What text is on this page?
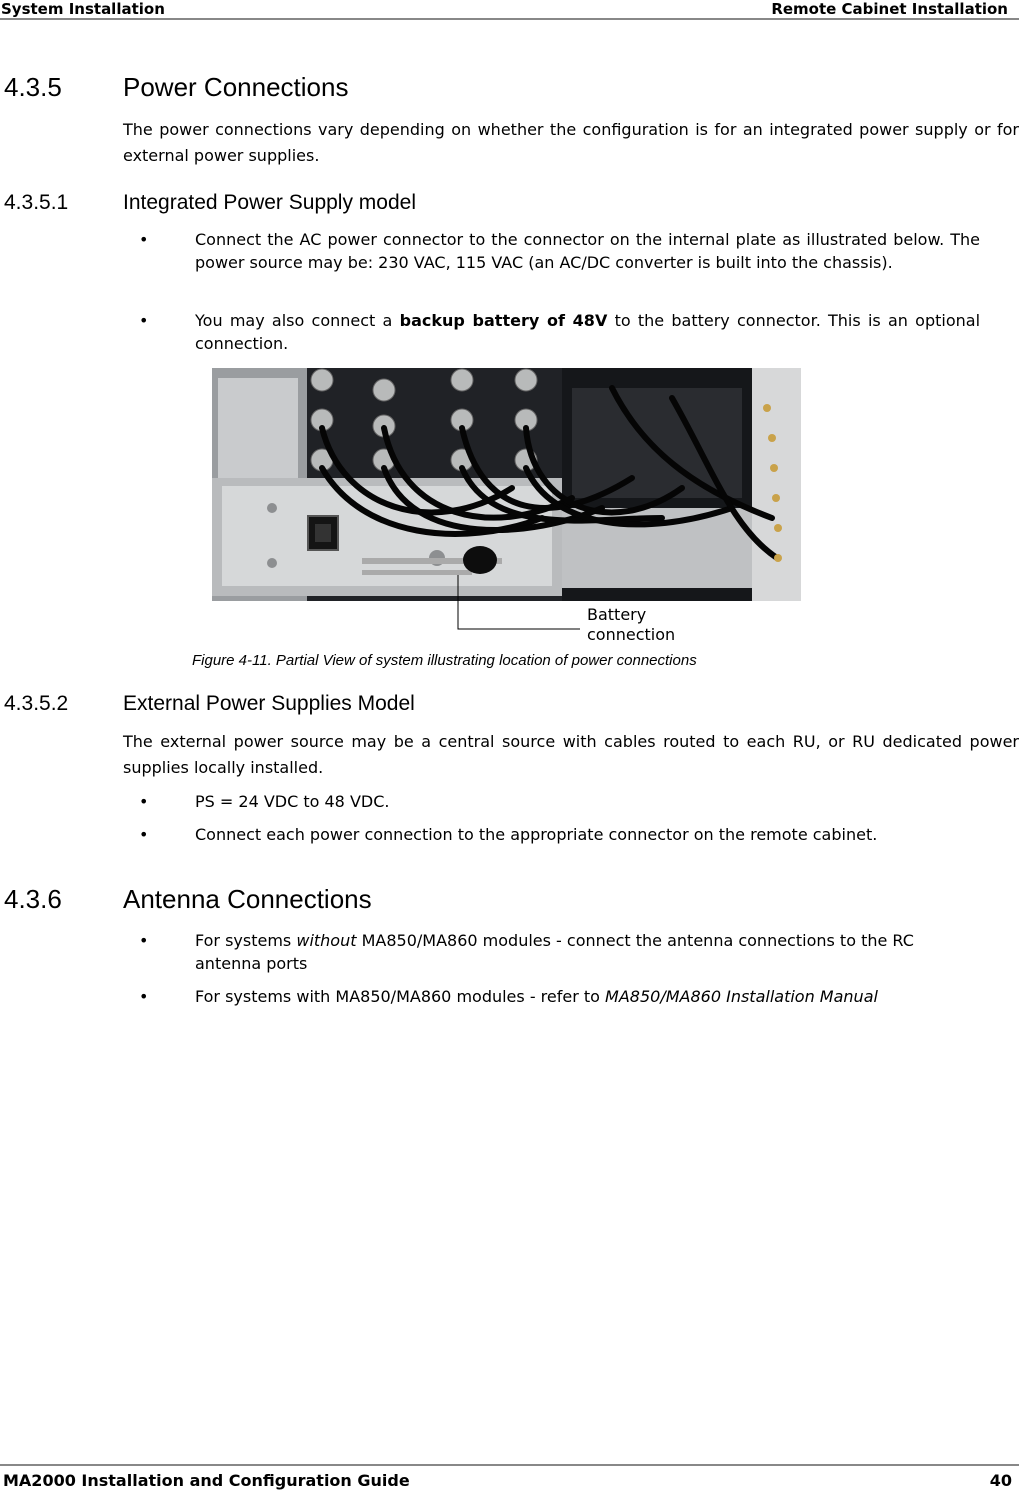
System Installation	Remote Cabinet Installation
4.3.5 Power Connections
The power connections vary depending on whether the configuration is for an integrated power supply or for external power supplies.
4.3.5.1	Integrated Power Supply model
•	Connect the AC power connector to the connector on the internal plate as illustrated below. The power source may be: 230 VAC, 115 VAC (an AC/DC converter is built into the chassis).
•	You may also connect a backup battery of 48V to the battery connector. This is an optional connection.
Battery
connection
Figure 4-11. Partial View of system illustrating location of power connections
4.3.5.2	External Power Supplies Model
The external power source may be a central source with cables routed to each RU, or RU dedicated power supplies locally installed.
•	PS = 24 VDC to 48 VDC.
•	Connect each power connection to the appropriate connector on the remote cabinet.
4.3.6 Antenna Connections
•	For systems without MA850/MA860 modules - connect the antenna connections to the RC antenna ports
•	For systems with MA850/MA860 modules - refer to MA850/MA860 Installation Manual
MA2000 Installation and Configuration Guide	40
